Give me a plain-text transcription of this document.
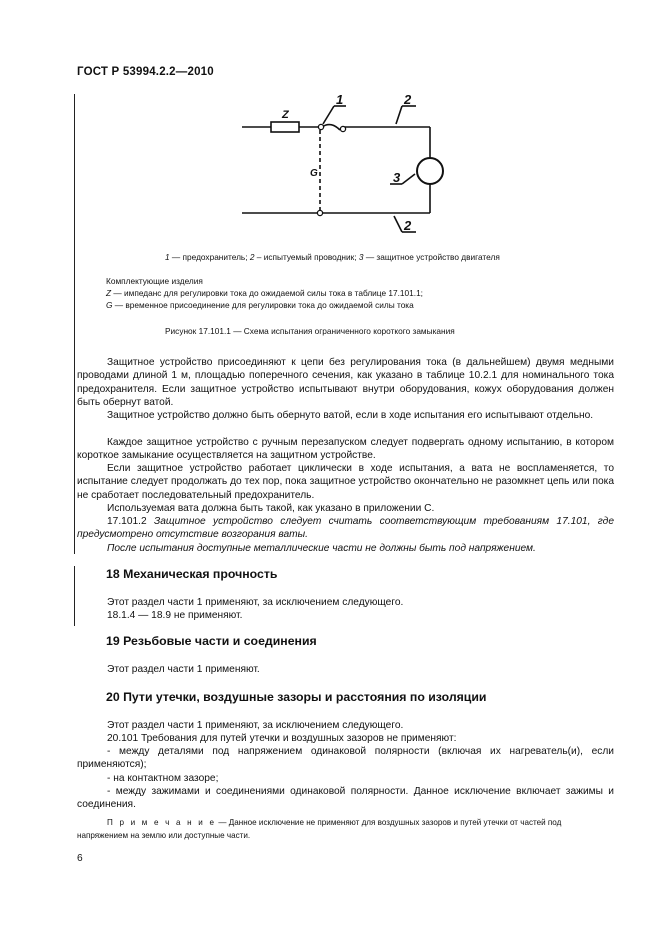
ГОСТ Р 53994.2.2—2010
Z
G
1	2
3
2
1 — предохранитель; 2 – испытуемый проводник; 3 — защитное устройство двигателя
Комплектующие изделия
Z — импеданс для регулировки тока до ожидаемой силы тока в таблице 17.101.1;
G — временное присоединение для регулировки тока до ожидаемой силы тока
Рисунок 17.101.1 — Схема испытания ограниченного короткого замыкания
Защитное устройство присоединяют к цепи без регулирования тока (в дальнейшем) двумя медными проводами длиной 1 м, площадью поперечного сечения, как указано в таблице 10.2.1 для номинального тока предохранителя. Если защитное устройство испытывают внутри оборудования, кожух оборудования должен быть обернут ватой.
Защитное устройство должно быть обернуто ватой, если в ходе испытания его испытывают отдельно.
Каждое защитное устройство с ручным перезапуском следует подвергать одному испытанию, в котором короткое замыкание осуществляется на защитном устройстве.
Если защитное устройство работает циклически в ходе испытания, а вата не воспламеняется, то испытание следует продолжать до тех пор, пока защитное устройство окончательно не разомкнет цепь или пока не сработает последовательный предохранитель.
Используемая вата должна быть такой, как указано в приложении С.
17.101.2 Защитное устройство следует считать соответствующим требованиям 17.101, где предусмотрено отсутствие возгорания ваты.
После испытания доступные металлические части не должны быть под напряжением.
18 Механическая прочность
Этот раздел части 1 применяют, за исключением следующего.
18.1.4 — 18.9 не применяют.
19 Резьбовые части и соединения
Этот раздел части 1 применяют.
20 Пути утечки, воздушные зазоры и расстояния по изоляции
Этот раздел части 1 применяют, за исключением следующего.
20.101 Требования для путей утечки и воздушных зазоров не применяют:
- между деталями под напряжением одинаковой полярности (включая их нагреватель(и), если применяются);
- на контактном зазоре;
- между зажимами и соединениями одинаковой полярности. Данное исключение включает зажимы и соединения.
П р и м е ч а н и е — Данное исключение не применяют для воздушных зазоров и путей утечки от частей под напряжением на землю или доступные части.
6
